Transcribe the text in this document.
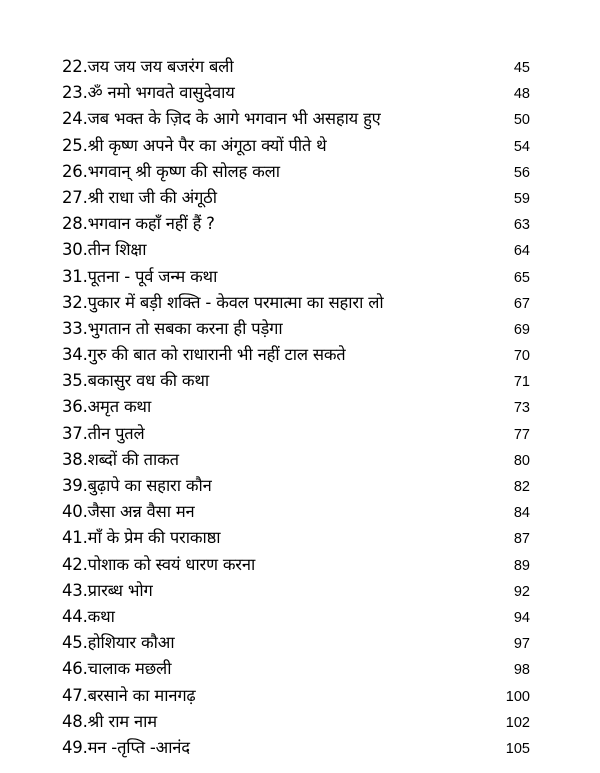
22.जय जय जय बजरंग बली	45
23.ॐ नमो भगवते वासुदेवाय	48
24.जब भक्त के ज़िद के आगे भगवान भी असहाय हुए	50
25.श्री कृष्ण अपने पैर का अंगूठा क्यों पीते थे	54
26.भगवान् श्री कृष्ण की सोलह कला	56
27.श्री राधा जी की अंगूठी	59
28.भगवान कहाँ नहीं हैं ?	63
30.तीन शिक्षा	64
31.पूतना - पूर्व जन्म कथा	65
32.पुकार में बड़ी शक्ति - केवल परमात्मा का सहारा लो	67
33.भुगतान तो सबका करना ही पड़ेगा	69
34.गुरु की बात को राधारानी भी नहीं टाल सकते	70
35.बकासुर वध की कथा	71
36.अमृत कथा	73
37.तीन पुतले	77
38.शब्दों की ताकत	80
39.बुढ़ापे का सहारा कौन	82
40.जैसा अन्न वैसा मन	84
41.माँ के प्रेम की पराकाष्ठा	87
42.पोशाक को स्वयं धारण करना	89
43.प्रारब्ध भोग	92
44.कथा	94
45.होशियार कौआ	97
46.चालाक मछली	98
47.बरसाने का मानगढ़	100
48.श्री राम नाम	102
49.मन -तृप्ति -आनंद	105
